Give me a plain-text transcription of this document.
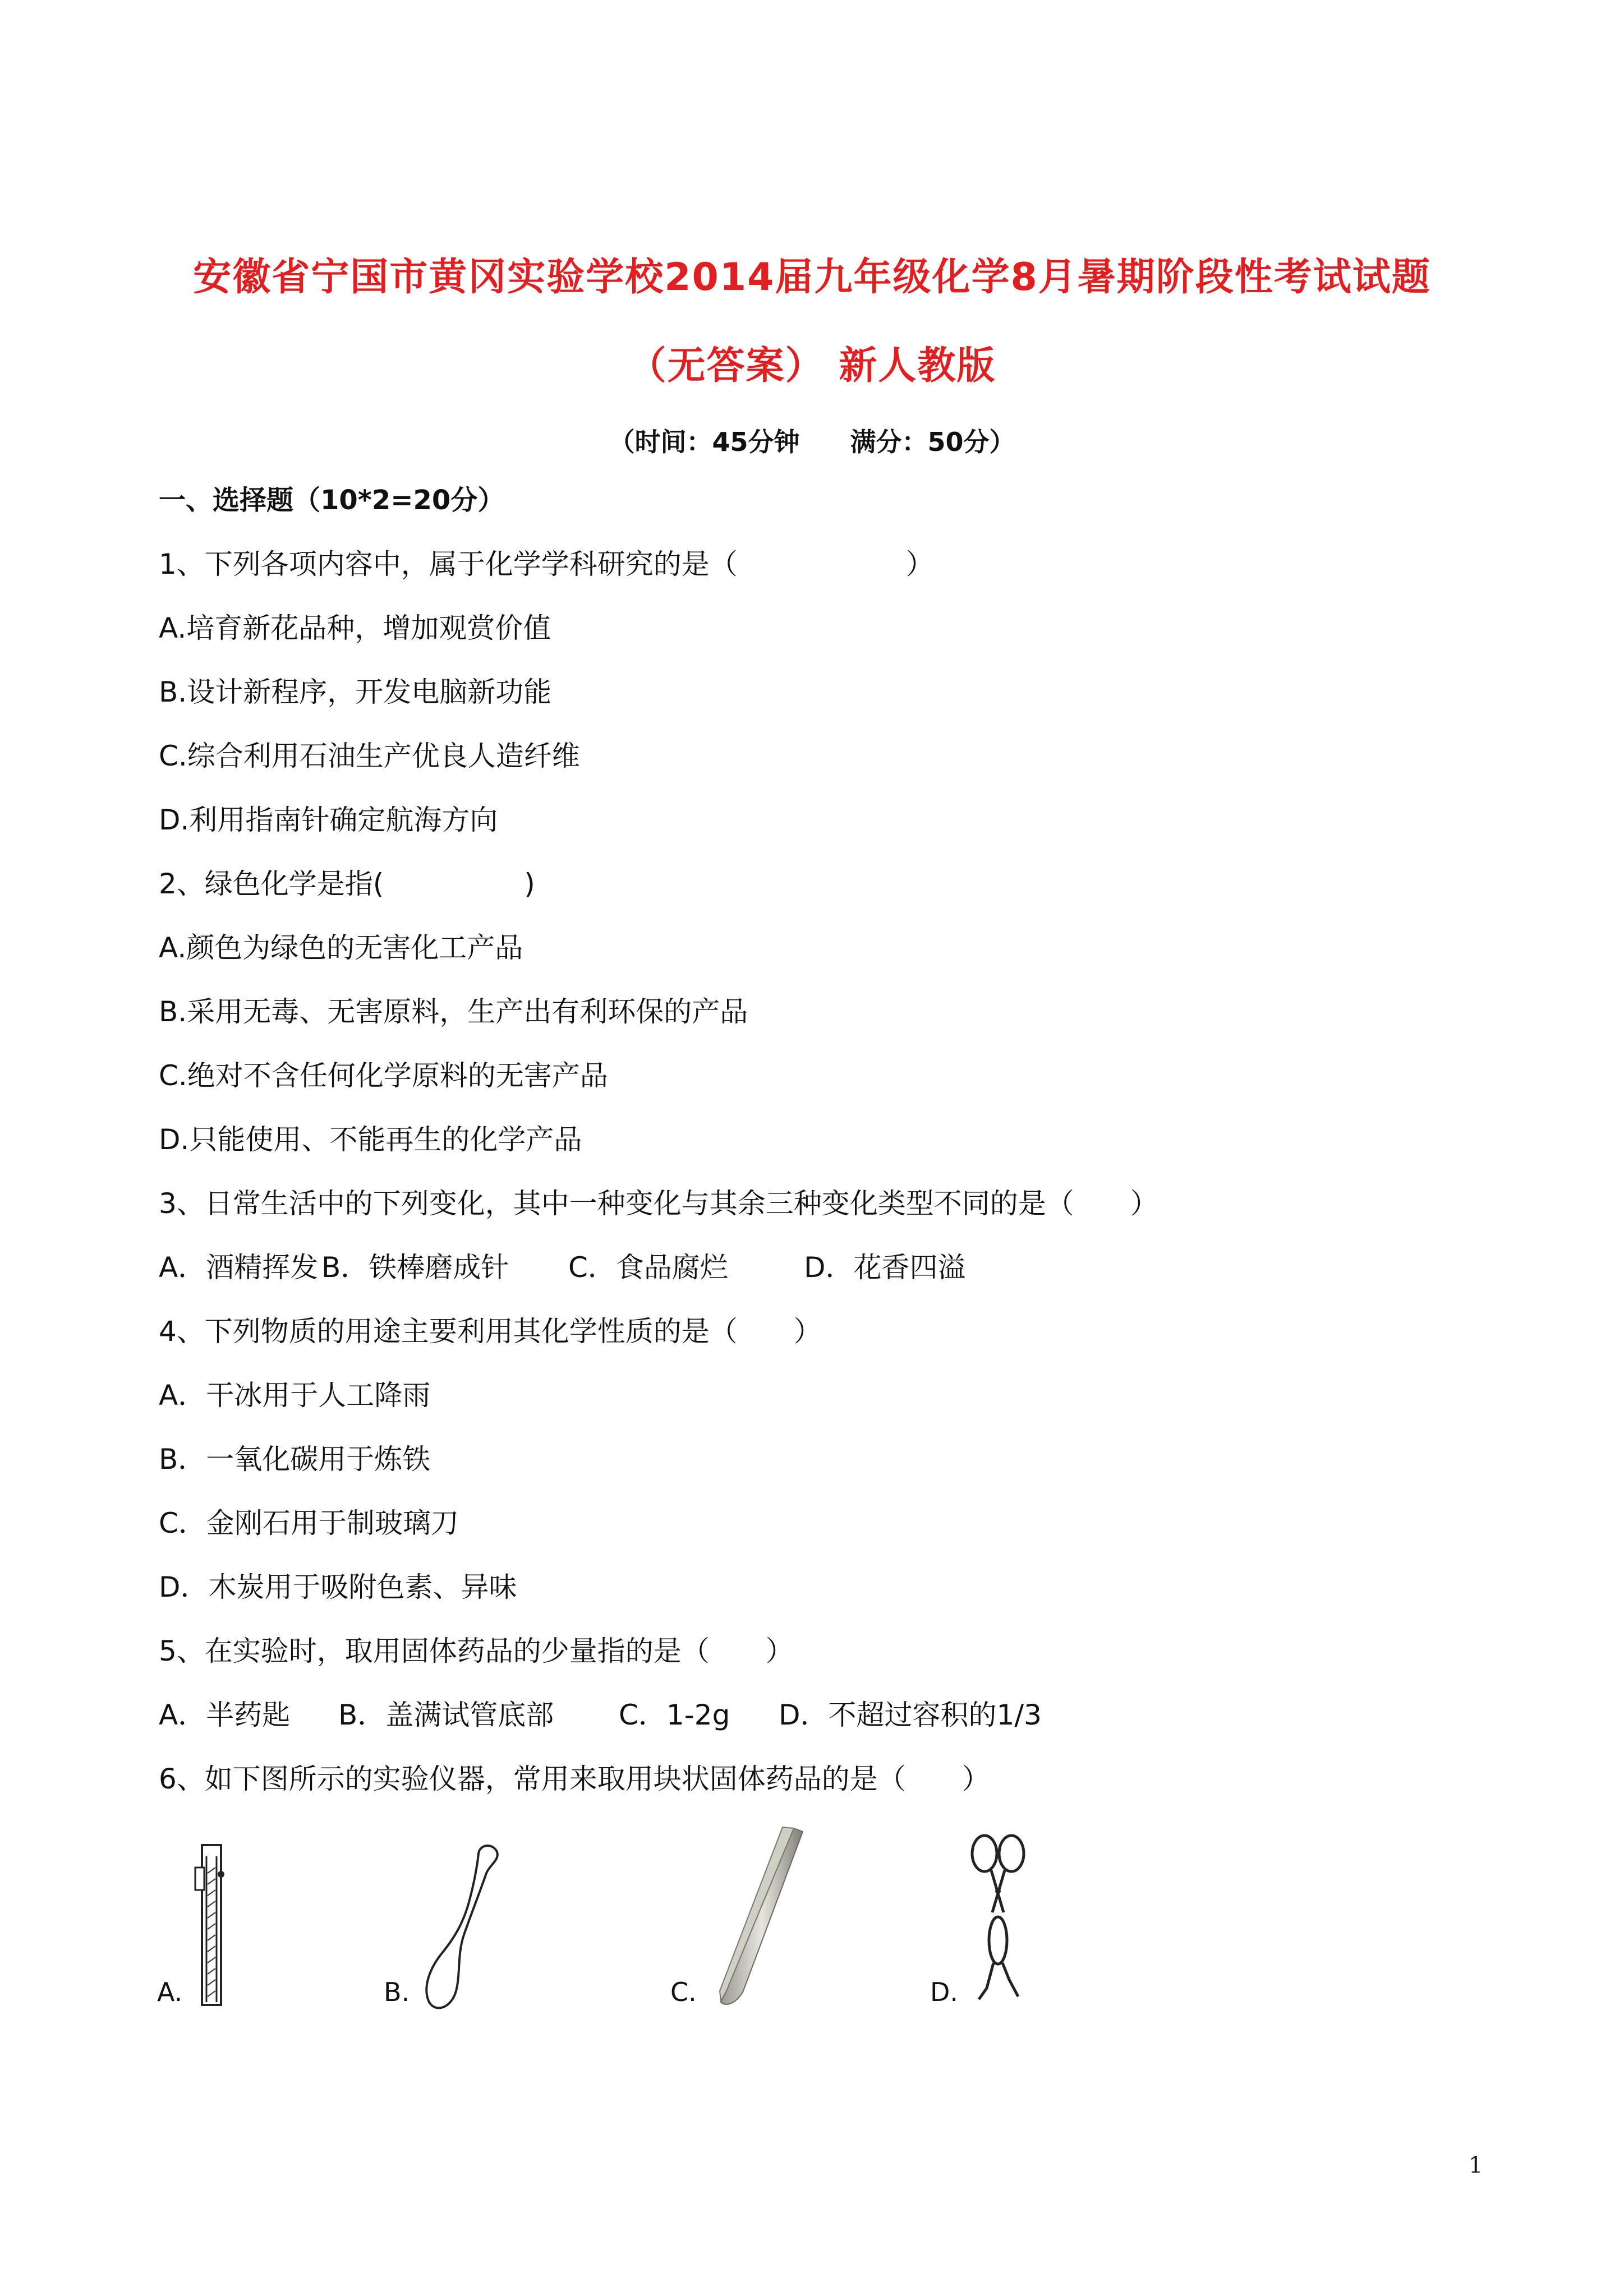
安徽省宁国市黄冈实验学校2014届九年级化学8月暑期阶段性考试试题
（无答案） 新人教版
（时间：45分钟 满分：50分）
一、选择题（10*2=20分）
1、下列各项内容中，属于化学学科研究的是（　　　　　　）
A.培育新花品种，增加观赏价值
B.设计新程序，开发电脑新功能
C.综合利用石油生产优良人造纤维
D.利用指南针确定航海方向
2、绿色化学是指(　　　　　)
A.颜色为绿色的无害化工产品
B.采用无毒、无害原料，生产出有利环保的产品
C.绝对不含任何化学原料的无害产品
D.只能使用、不能再生的化学产品
3、日常生活中的下列变化，其中一种变化与其余三种变化类型不同的是（　　）
A．酒精挥发 B．铁棒磨成针 C．食品腐烂	D．花香四溢
4、下列物质的用途主要利用其化学性质的是（　　）
A．干冰用于人工降雨
B．一氧化碳用于炼铁
C．金刚石用于制玻璃刀
D．木炭用于吸附色素、异味
5、在实验时，取用固体药品的少量指的是（　　）
A．半药匙 B．盖满试管底部 C．1-2g D．不超过容积的1/3
6、如下图所示的实验仪器，常用来取用块状固体药品的是（　　）
A.	B.	C.	D.
1
